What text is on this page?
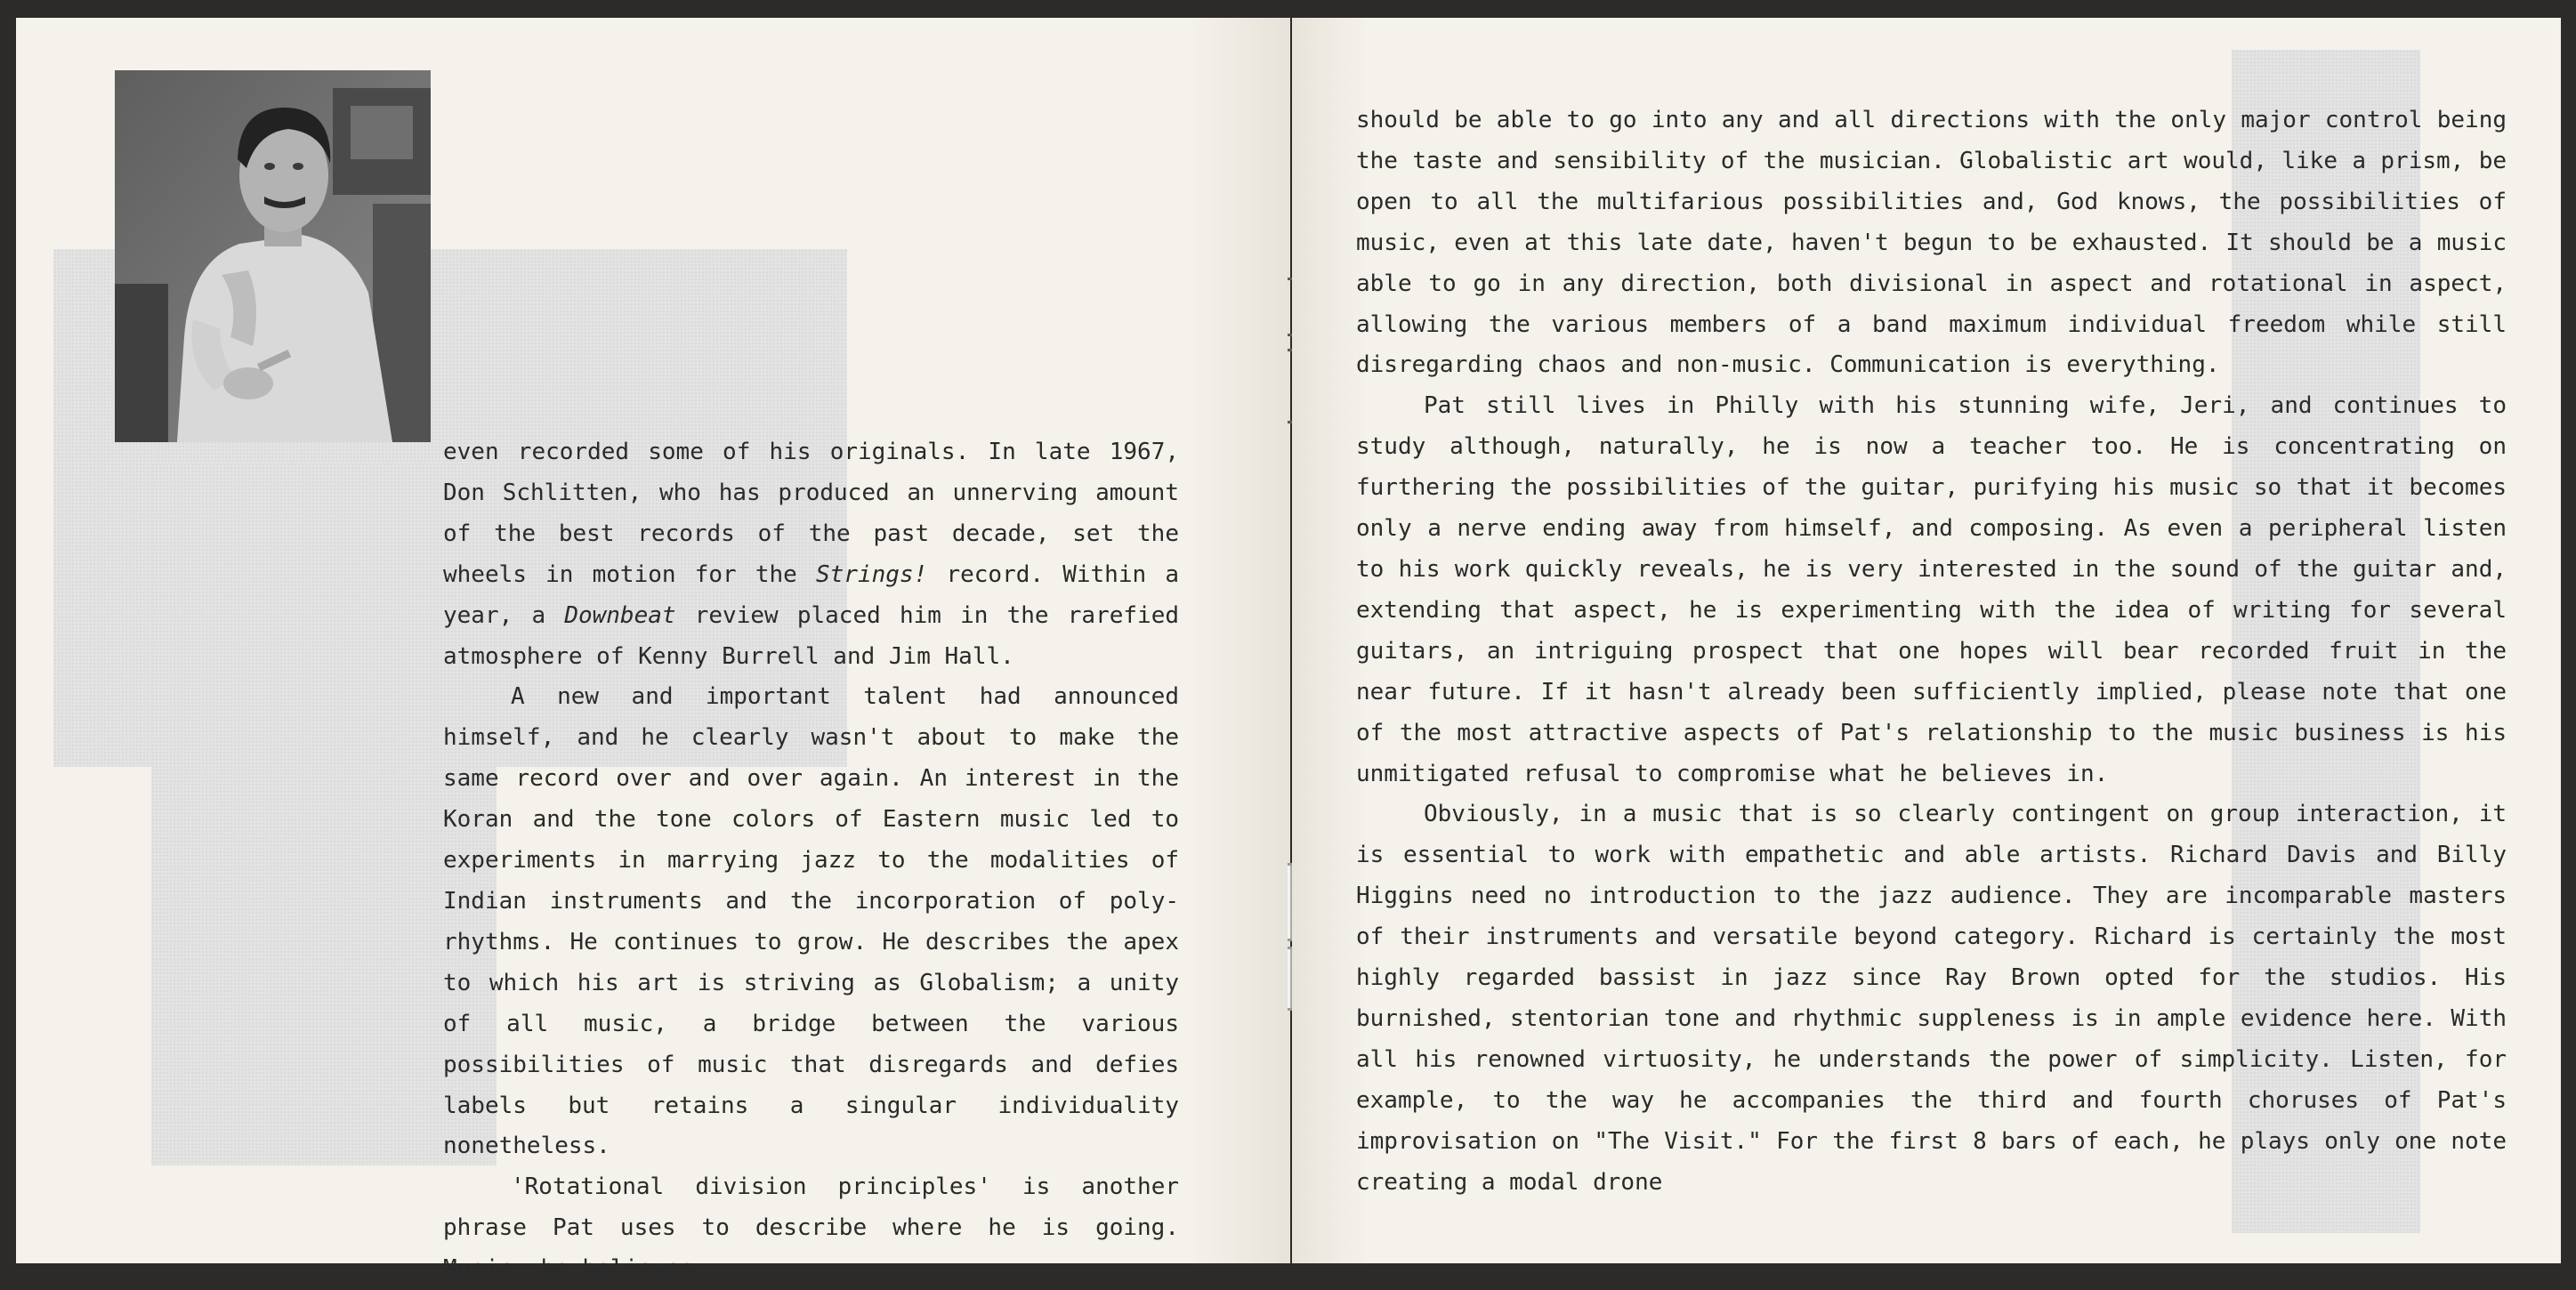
even recorded some of his originals. In late 1967, Don Schlitten, who has produced an unnerving amount of the best records of the past decade, set the wheels in motion for the Strings! record. Within a year, a Downbeat review placed him in the rarefied atmosphere of Kenny Burrell and Jim Hall.

A new and important talent had announced himself, and he clearly wasn't about to make the same record over and over again. An interest in the Koran and the tone colors of Eastern music led to experiments in marrying jazz to the modalities of Indian instruments and the incorporation of poly-rhythms. He continues to grow. He describes the apex to which his art is striving as Globalism; a unity of all music, a bridge between the various possibilities of music that disregards and defies labels but retains a singular individuality nonetheless.

'Rotational division principles' is another phrase Pat uses to describe where he is going. Music, he believes,

should be able to go into any and all directions with the only major control being the taste and sensibility of the musician. Globalistic art would, like a prism, be open to all the multifarious possibilities and, God knows, the possibilities of music, even at this late date, haven't begun to be exhausted. It should be a music able to go in any direction, both divisional in aspect and rotational in aspect, allowing the various members of a band maximum individual freedom while still disregarding chaos and non-music. Communication is everything.

Pat still lives in Philly with his stunning wife, Jeri, and continues to study although, naturally, he is now a teacher too. He is concentrating on furthering the possibilities of the guitar, purifying his music so that it becomes only a nerve ending away from himself, and composing. As even a peripheral listen to his work quickly reveals, he is very interested in the sound of the guitar and, extending that aspect, he is experimenting with the idea of writing for several guitars, an intriguing prospect that one hopes will bear recorded fruit in the near future. If it hasn't already been sufficiently implied, please note that one of the most attractive aspects of Pat's relationship to the music business is his unmitigated refusal to compromise what he believes in.

Obviously, in a music that is so clearly contingent on group interaction, it is essential to work with empathetic and able artists. Richard Davis and Billy Higgins need no introduction to the jazz audience. They are incomparable masters of their instruments and versatile beyond category. Richard is certainly the most highly regarded bassist in jazz since Ray Brown opted for the studios. His burnished, stentorian tone and rhythmic suppleness is in ample evidence here. With all his renowned virtuosity, he understands the power of simplicity. Listen, for example, to the way he accompanies the third and fourth choruses of Pat's improvisation on "The Visit." For the first 8 bars of each, he plays only one note creating a modal drone
